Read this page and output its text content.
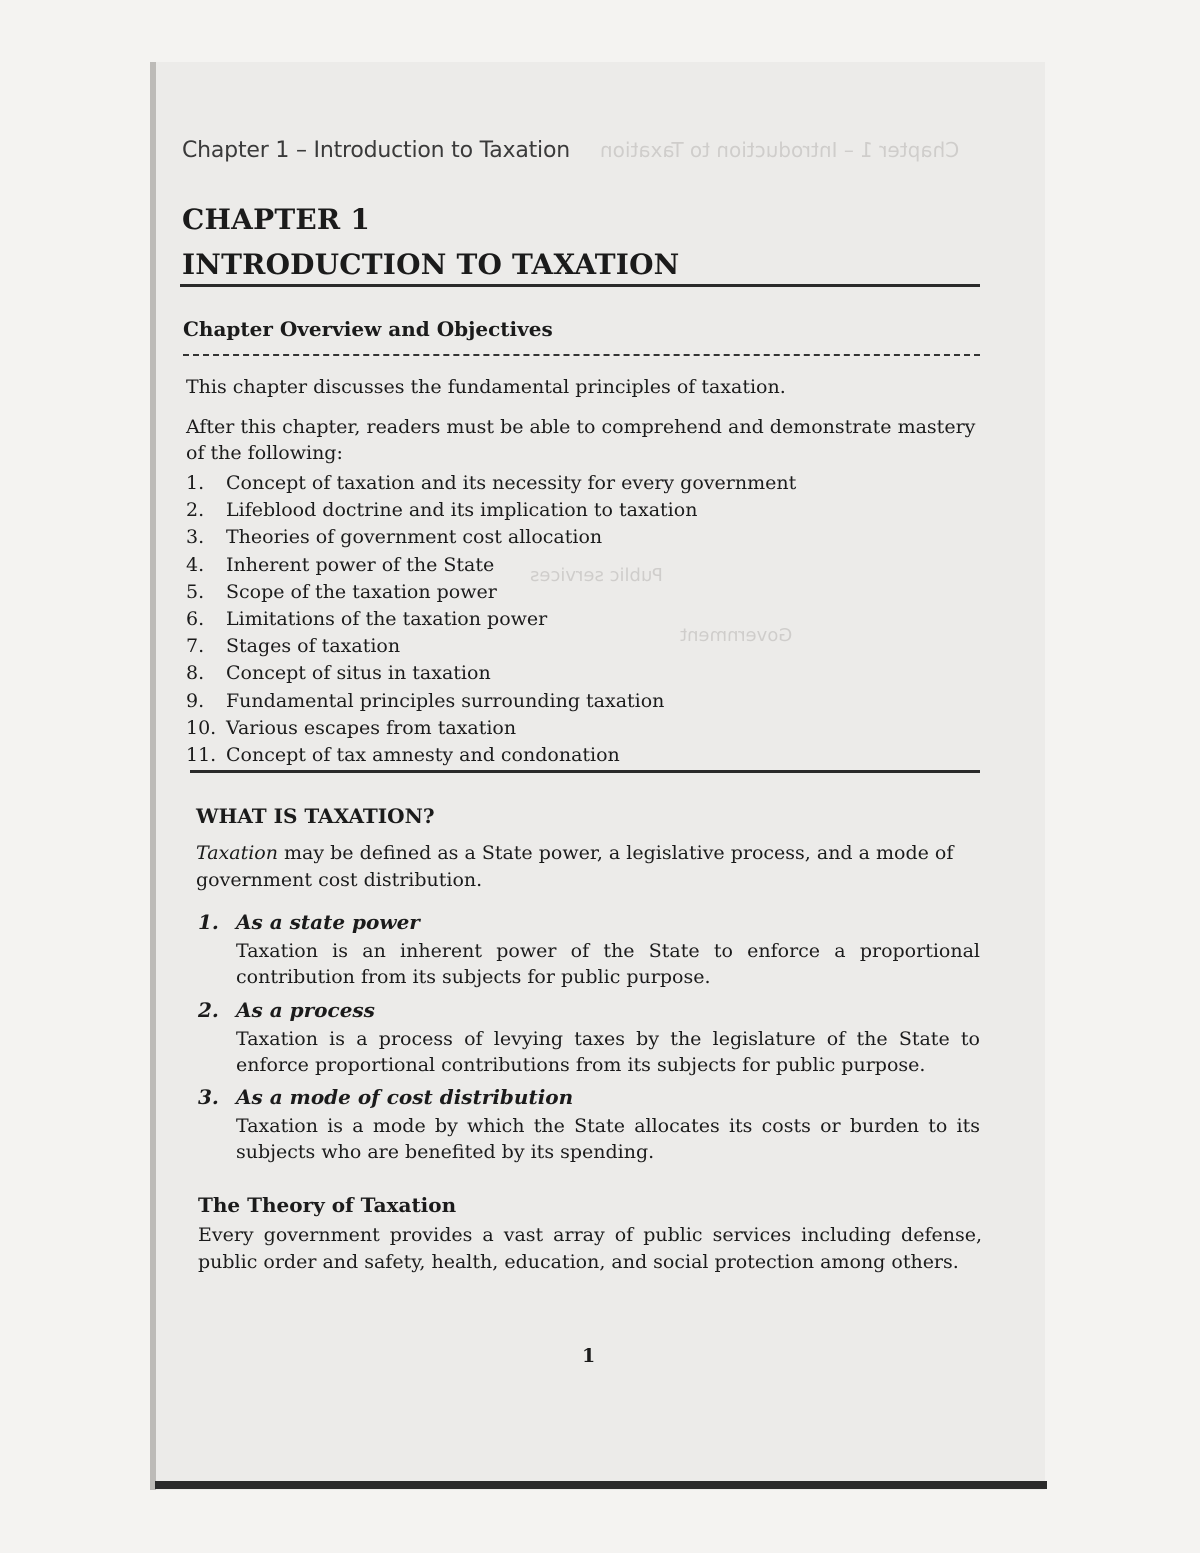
Chapter 1 – Introduction to Taxation
Government
Public services
Chapter 1 – Introduction to Taxation
CHAPTER 1
INTRODUCTION TO TAXATION
Chapter Overview and Objectives
This chapter discusses the fundamental principles of taxation.
After this chapter, readers must be able to comprehend and demonstrate mastery of the following:
1. Concept of taxation and its necessity for every government
2. Lifeblood doctrine and its implication to taxation
3. Theories of government cost allocation
4. Inherent power of the State
5. Scope of the taxation power
6. Limitations of the taxation power
7. Stages of taxation
8. Concept of situs in taxation
9. Fundamental principles surrounding taxation
10. Various escapes from taxation
11. Concept of tax amnesty and condonation
WHAT IS TAXATION?
Taxation may be defined as a State power, a legislative process, and a mode of government cost distribution.
1. As a state power
Taxation is an inherent power of the State to enforce a proportional contribution from its subjects for public purpose.
2. As a process
Taxation is a process of levying taxes by the legislature of the State to enforce proportional contributions from its subjects for public purpose.
3. As a mode of cost distribution
Taxation is a mode by which the State allocates its costs or burden to its subjects who are benefited by its spending.
The Theory of Taxation
Every government provides a vast array of public services including defense, public order and safety, health, education, and social protection among others.
1
